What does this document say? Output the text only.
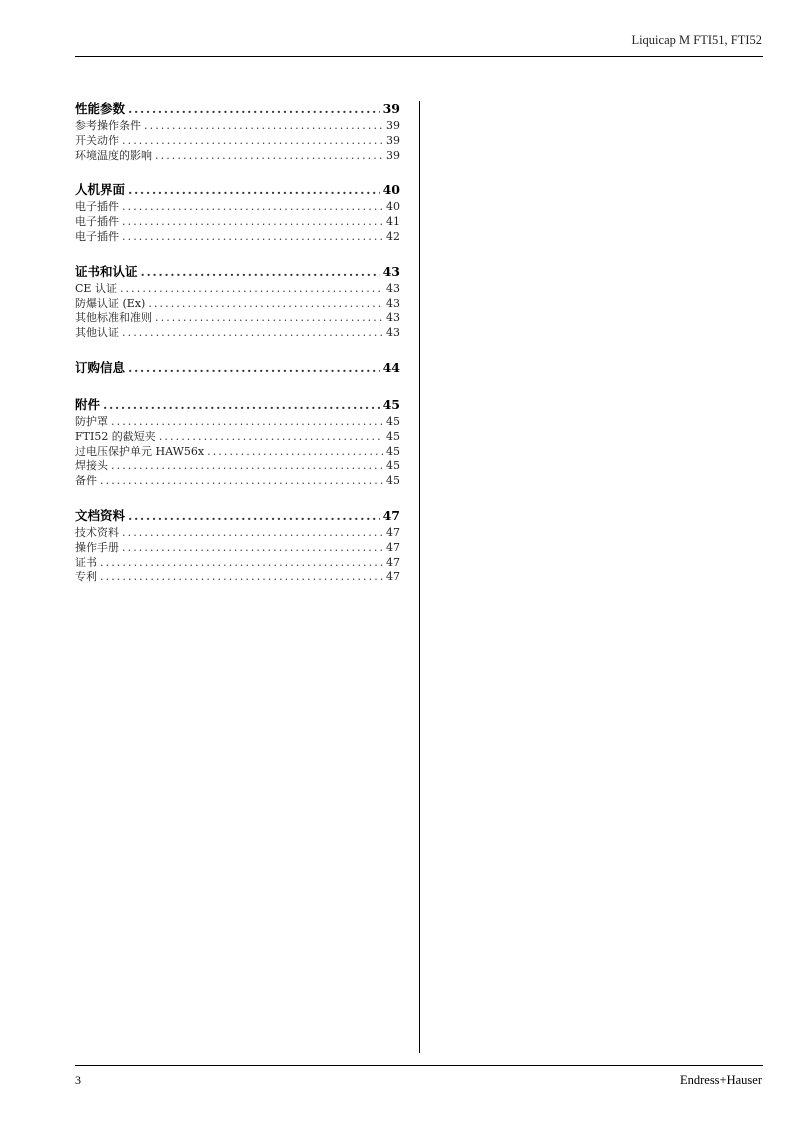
Liquicap M FTI51, FTI52
性能参数 .....	39
参考操作条件 .....	39
开关动作 .....	39
环境温度的影响 .....	39
人机界面 .....	40
电子插件 .....	40
电子插件 .....	41
电子插件 .....	42
证书和认证 .....	43
CE 认证 .....	43
防爆认证 (Ex) .....	43
其他标准和准则 .....	43
其他认证 .....	43
订购信息 .....	44
附件 .....	45
防护罩 .....	45
FTI52 的截短夹 .....	45
过电压保护单元 HAW56x .....	45
焊接头 .....	45
备件 .....	45
文档资料 .....	47
技术资料 .....	47
操作手册 .....	47
证书 .....	47
专利 .....	47
3	Endress+Hauser
